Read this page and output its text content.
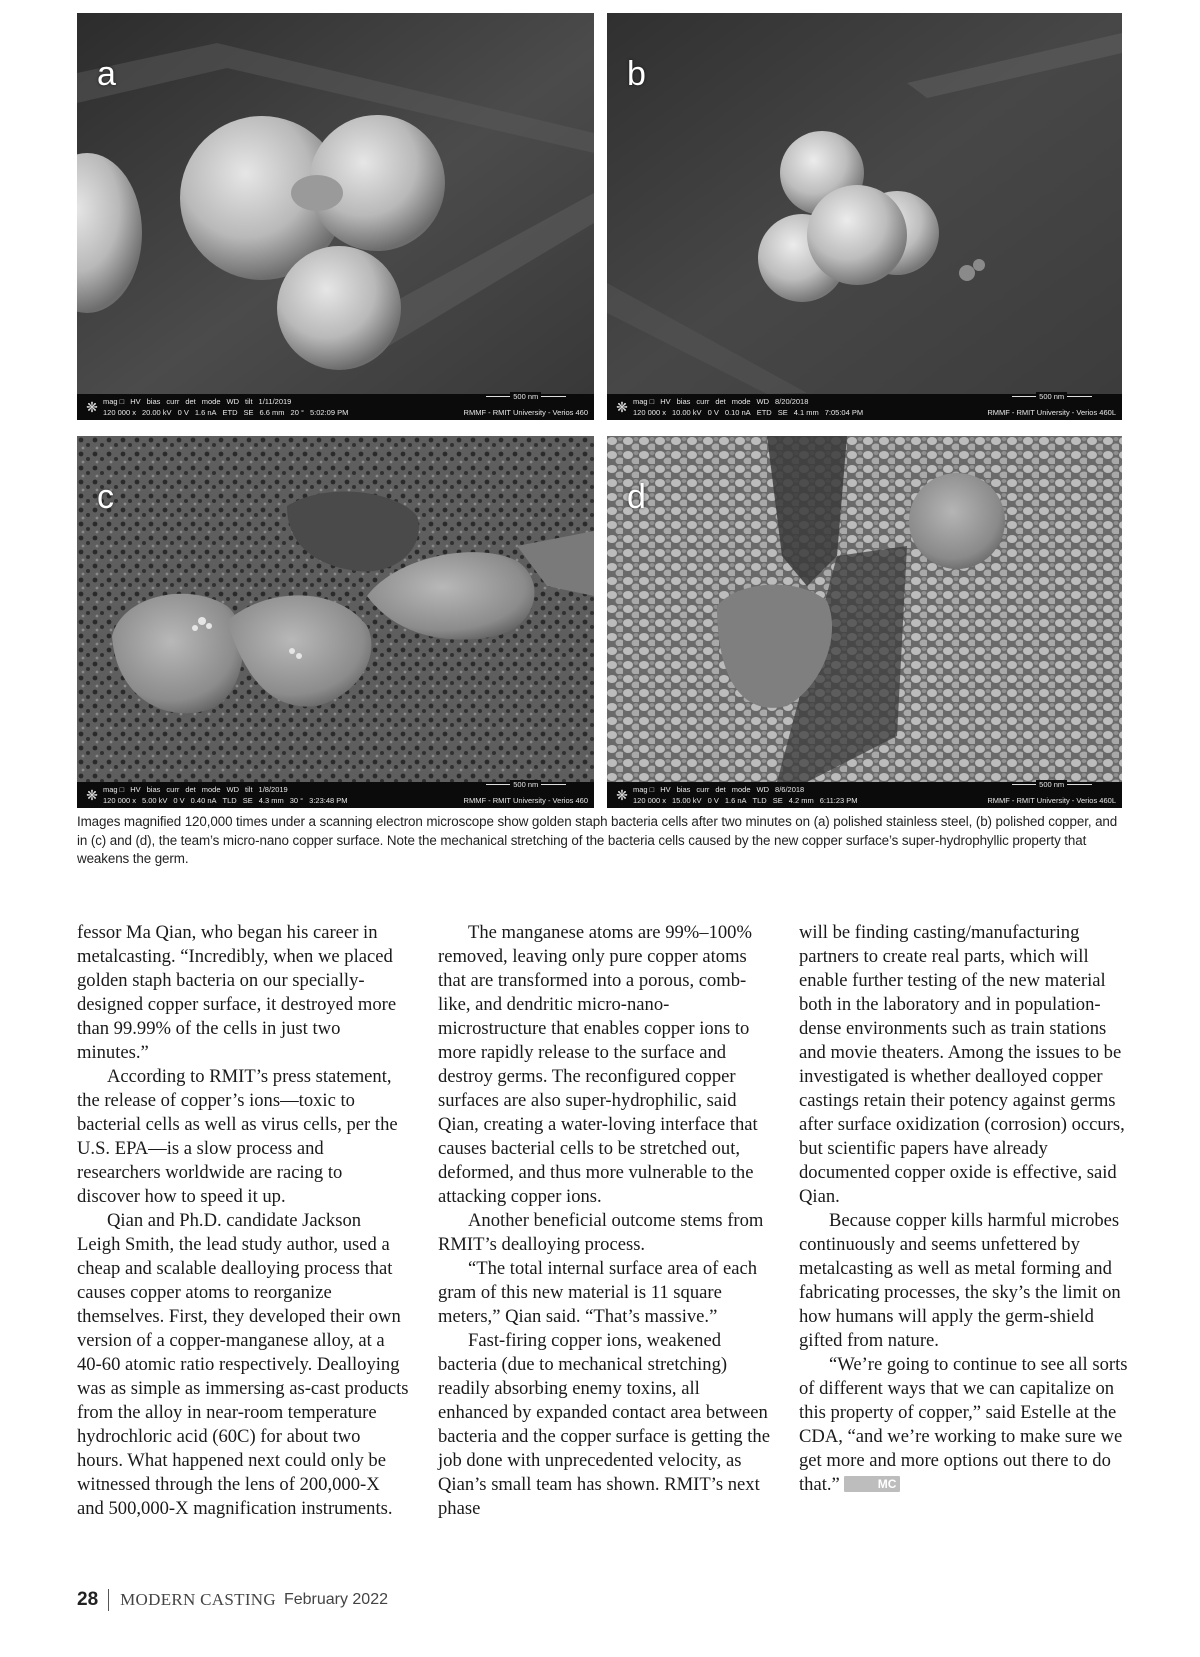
a
❋ mag □ HV bias curr det mode WD tilt 1/11/2019
120 000 x 20.00 kV 0 V 1.6 nA ETD SE 6.6 mm 20 ° 5:02:09 PM
500 nm
RMMF - RMIT University - Verios 460
b
❋ mag □ HV bias curr det mode WD 8/20/2018
120 000 x 10.00 kV 0 V 0.10 nA ETD SE 4.1 mm 7:05:04 PM
500 nm
RMMF - RMIT University - Verios 460L
c
❋ mag □ HV bias curr det mode WD tilt 1/8/2019
120 000 x 5.00 kV 0 V 0.40 nA TLD SE 4.3 mm 30 ° 3:23:48 PM
500 nm
RMMF - RMIT University - Verios 460
d
❋ mag □ HV bias curr det mode WD 8/6/2018
120 000 x 15.00 kV 0 V 1.6 nA TLD SE 4.2 mm 6:11:23 PM
500 nm
RMMF - RMIT University - Verios 460L
Images magnified 120,000 times under a scanning electron microscope show golden staph bacteria cells after two minutes on (a) polished stainless steel, (b) polished copper, and in (c) and (d), the team’s micro-nano copper surface. Note the mechanical stretching of the bacteria cells caused by the new copper surface’s super-hydrophyllic property that weakens the germ.

fessor Ma Qian, who began his career in metalcasting. “Incredibly, when we placed golden staph bacteria on our specially-designed copper surface, it destroyed more than 99.99% of the cells in just two minutes.”

According to RMIT’s press statement, the release of copper’s ions—toxic to bacterial cells as well as virus cells, per the U.S. EPA—is a slow process and researchers worldwide are racing to discover how to speed it up.

Qian and Ph.D. candidate Jackson Leigh Smith, the lead study author, used a cheap and scalable dealloying process that causes copper atoms to reorganize themselves. First, they developed their own version of a copper-manganese alloy, at a 40-60 atomic ratio respectively. Dealloying was as simple as immersing as-cast products from the alloy in near-room temperature hydrochloric acid (60C) for about two hours. What happened next could only be witnessed through the lens of 200,000-X and 500,000-X magnification instruments.

The manganese atoms are 99%–100% removed, leaving only pure copper atoms that are transformed into a porous, comb-like, and dendritic micro-nano-microstructure that enables copper ions to more rapidly release to the surface and destroy germs. The reconfigured copper surfaces are also super-hydrophilic, said Qian, creating a water-loving interface that causes bacterial cells to be stretched out, deformed, and thus more vulnerable to the attacking copper ions.

Another beneficial outcome stems from RMIT’s dealloying process.

“The total internal surface area of each gram of this new material is 11 square meters,” Qian said. “That’s massive.”

Fast-firing copper ions, weakened bacteria (due to mechanical stretching) readily absorbing enemy toxins, all enhanced by expanded contact area between bacteria and the copper surface is getting the job done with unprecedented velocity, as Qian’s small team has shown. RMIT’s next phase

will be finding casting/manufacturing partners to create real parts, which will enable further testing of the new material both in the laboratory and in population-dense environments such as train stations and movie theaters. Among the issues to be investigated is whether dealloyed copper castings retain their potency against germs after surface oxidization (corrosion) occurs, but scientific papers have already documented copper oxide is effective, said Qian.

Because copper kills harmful microbes continuously and seems unfettered by metalcasting as well as metal forming and fabricating processes, the sky’s the limit on how humans will apply the germ-shield gifted from nature.

“We’re going to continue to see all sorts of different ways that we can capitalize on this property of copper,” said Estelle at the CDA, “and we’re working to make sure we get more and more options out there to do that.”	MC

28 MODERN CASTING February 2022
